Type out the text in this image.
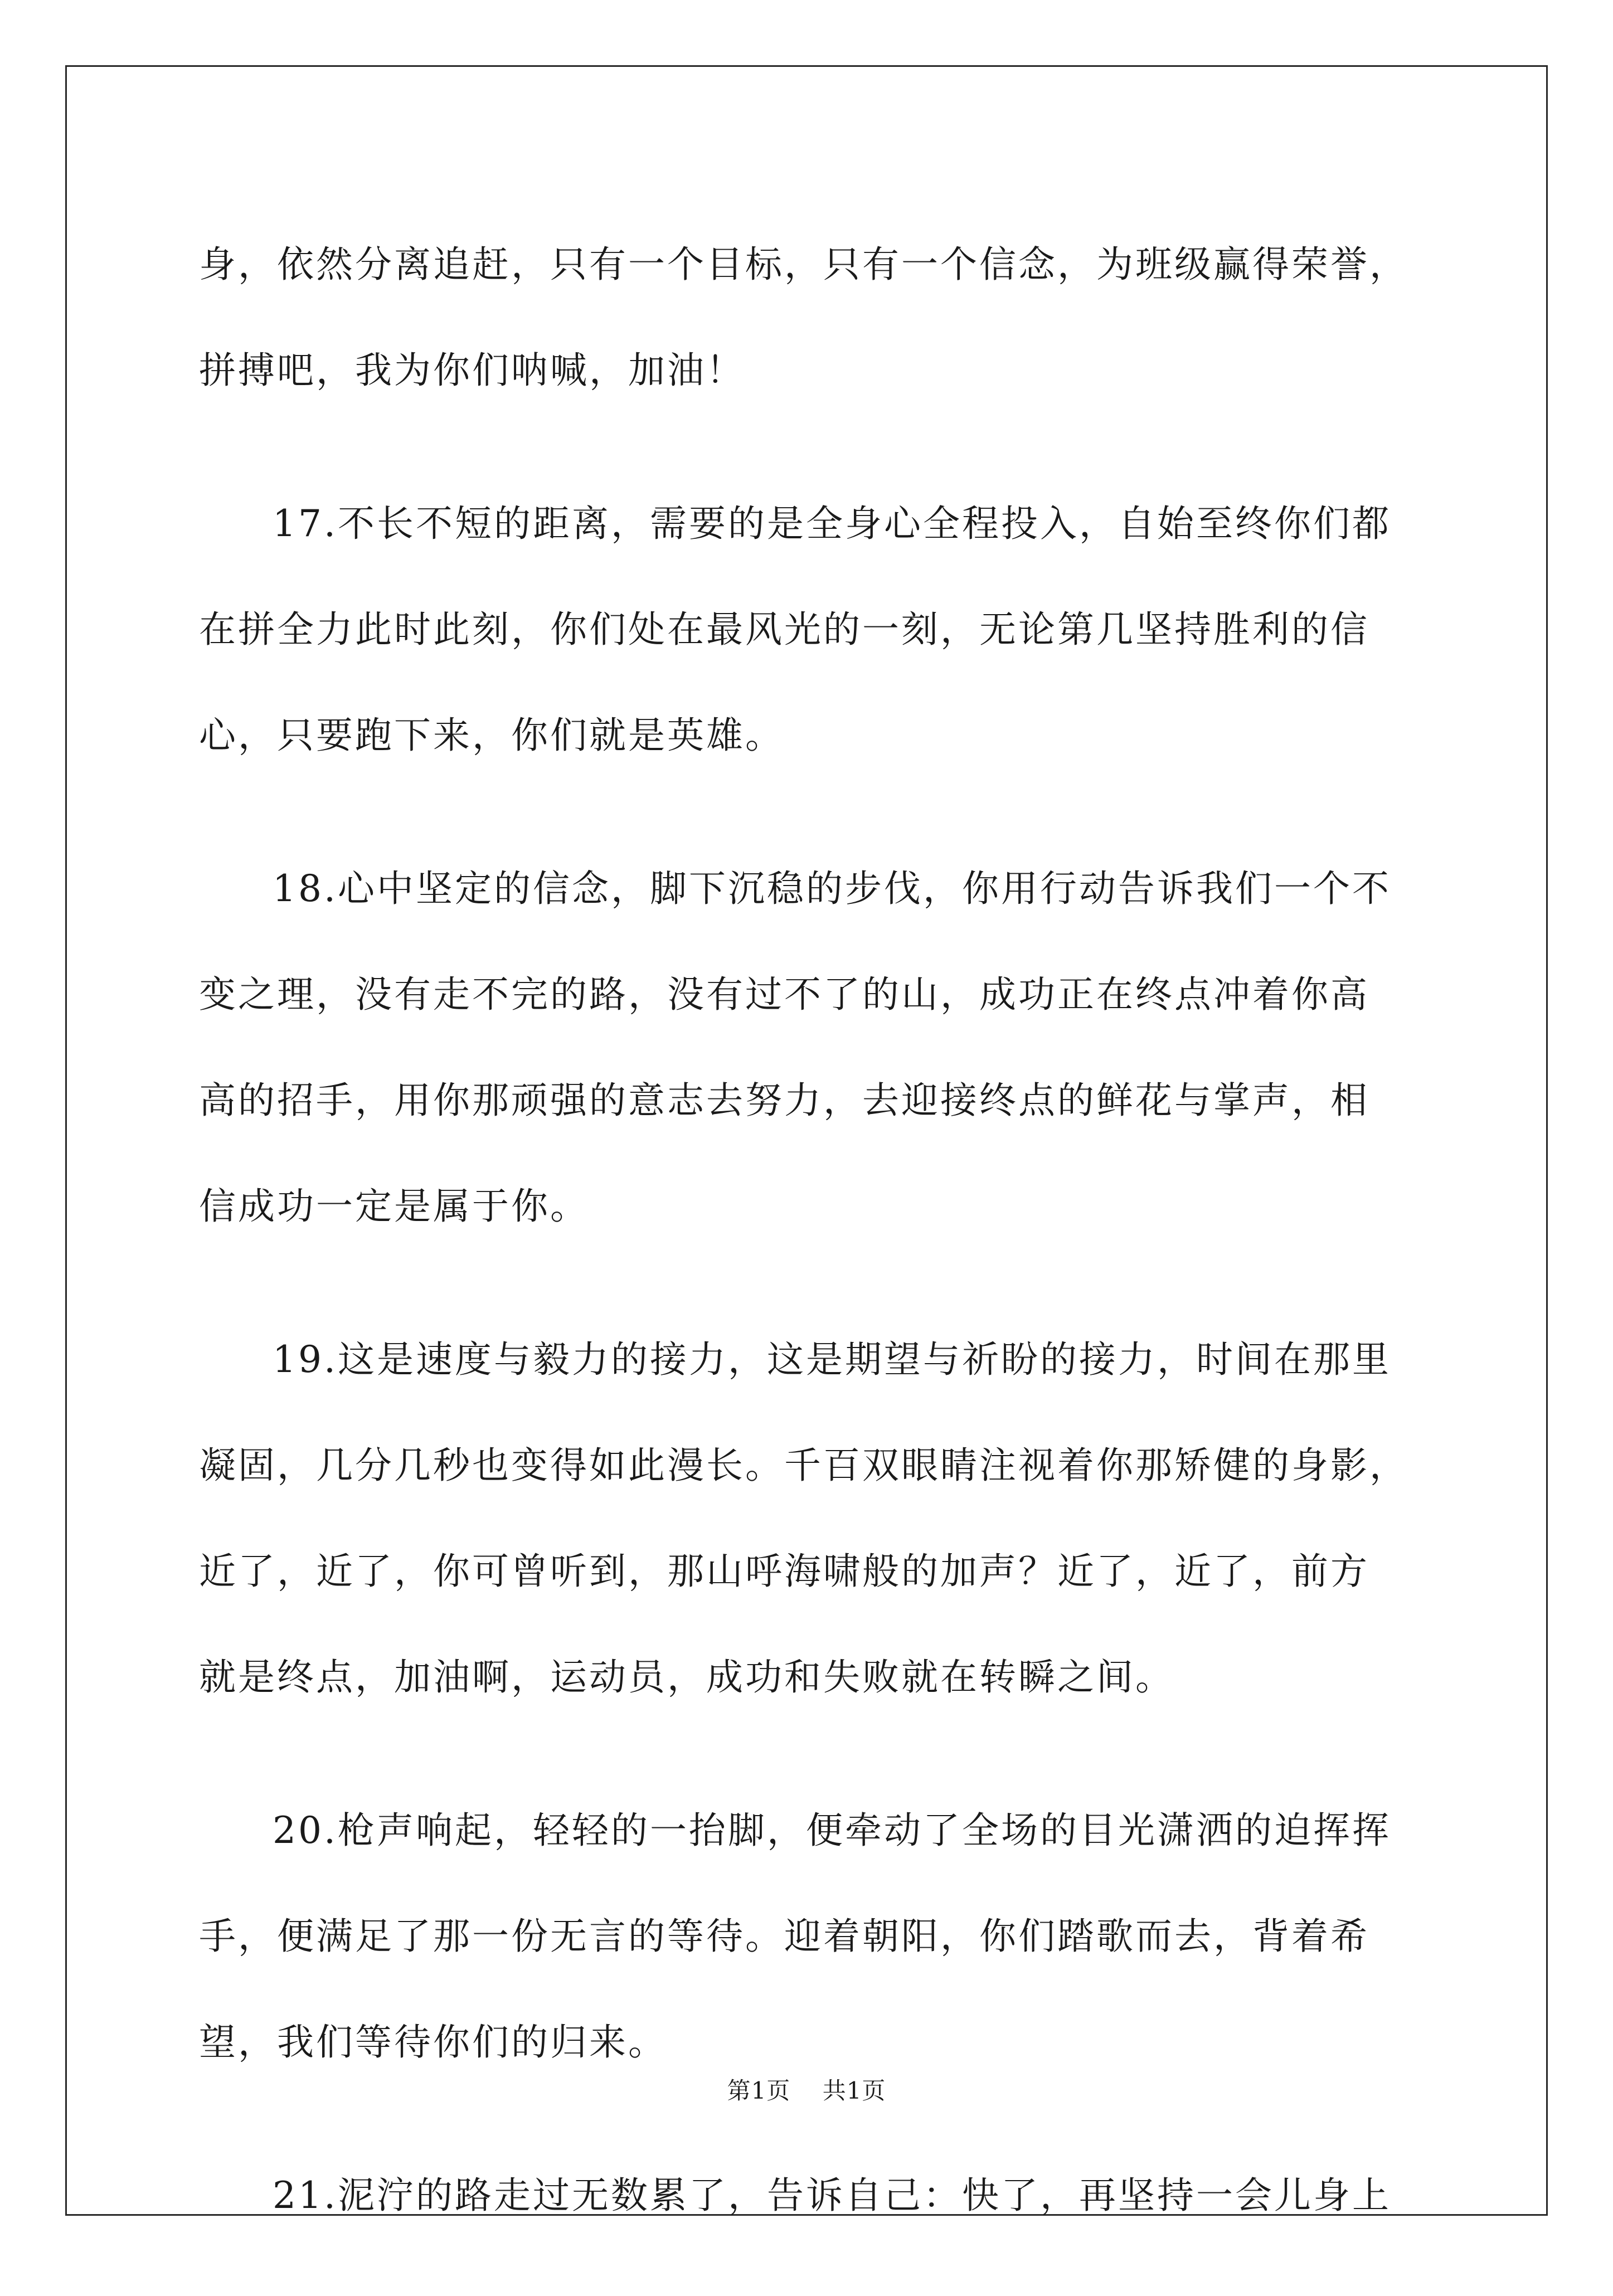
身，依然分离追赶，只有一个目标，只有一个信念，为班级赢得荣誉，
拼搏吧，我为你们呐喊，加油！

17.不长不短的距离，需要的是全身心全程投入，自始至终你们都
在拼全力此时此刻，你们处在最风光的一刻，无论第几坚持胜利的信
心，只要跑下来，你们就是英雄。

18.心中坚定的信念，脚下沉稳的步伐，你用行动告诉我们一个不
变之理，没有走不完的路，没有过不了的山，成功正在终点冲着你高
高的招手，用你那顽强的意志去努力，去迎接终点的鲜花与掌声，相
信成功一定是属于你。

19.这是速度与毅力的接力，这是期望与祈盼的接力，时间在那里
凝固，几分几秒也变得如此漫长。千百双眼睛注视着你那矫健的身影，
近了，近了，你可曾听到，那山呼海啸般的加声？近了，近了，前方
就是终点，加油啊，运动员，成功和失败就在转瞬之间。

20.枪声响起，轻轻的一抬脚，便牵动了全场的目光潇洒的迫挥挥
手，便满足了那一份无言的等待。迎着朝阳，你们踏歌而去，背着希
望，我们等待你们的归来。

21.泥泞的路走过无数累了，告诉自己：快了，再坚持一会儿身上

第1页 共1页
